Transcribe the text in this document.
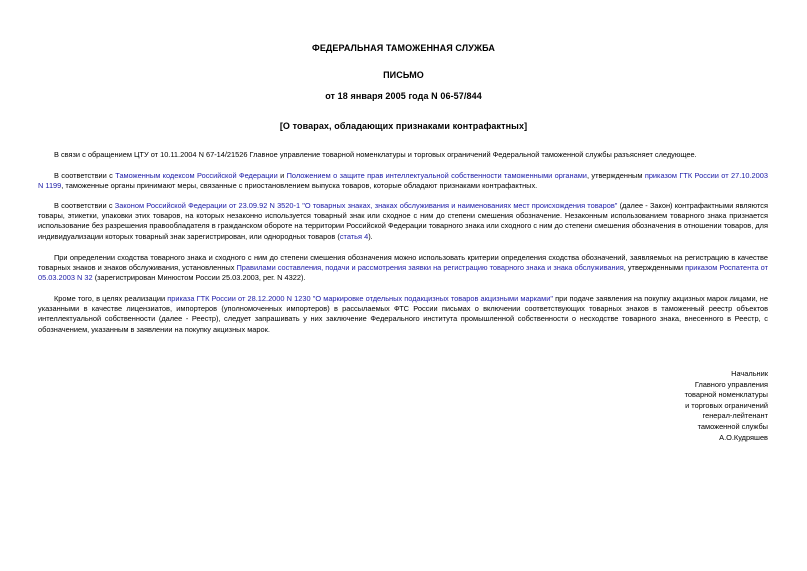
ФЕДЕРАЛЬНАЯ ТАМОЖЕННАЯ СЛУЖБА
ПИСЬМО
от 18 января 2005 года N 06-57/844
[О товарах, обладающих признаками контрафактных]
В связи с обращением ЦТУ от 10.11.2004 N 67-14/21526 Главное управление товарной номенклатуры и торговых ограничений Федеральной таможенной службы разъясняет следующее.
В соответствии с Таможенным кодексом Российской Федерации и Положением о защите прав интеллектуальной собственности таможенными органами, утвержденным приказом ГТК России от 27.10.2003 N 1199, таможенные органы принимают меры, связанные с приостановлением выпуска товаров, которые обладают признаками контрафактных.
В соответствии с Законом Российской Федерации от 23.09.92 N 3520-1 "О товарных знаках, знаках обслуживания и наименованиях мест происхождения товаров" (далее - Закон) контрафактными являются товары, этикетки, упаковки этих товаров, на которых незаконно используется товарный знак или сходное с ним до степени смешения обозначение. Незаконным использованием товарного знака признается использование без разрешения правообладателя в гражданском обороте на территории Российской Федерации товарного знака или сходного с ним до степени смешения обозначения в отношении товаров, для индивидуализации которых товарный знак зарегистрирован, или однородных товаров (статья 4).
При определении сходства товарного знака и сходного с ним до степени смешения обозначения можно использовать критерии определения сходства обозначений, заявляемых на регистрацию в качестве товарных знаков и знаков обслуживания, установленных Правилами составления, подачи и рассмотрения заявки на регистрацию товарного знака и знака обслуживания, утвержденными приказом Роспатента от 05.03.2003 N 32 (зарегистрирован Минюстом России 25.03.2003, рег. N 4322).
Кроме того, в целях реализации приказа ГТК России от 28.12.2000 N 1230 "О маркировке отдельных подакцизных товаров акцизными марками" при подаче заявления на покупку акцизных марок лицами, не указанными в качестве лицензиатов, импортеров (уполномоченных импортеров) в рассылаемых ФТС России письмах о включении соответствующих товарных знаков в таможенный реестр объектов интеллектуальной собственности (далее - Реестр), следует запрашивать у них заключение Федерального института промышленной собственности о несходстве товарного знака, внесенного в Реестр, с обозначением, указанным в заявлении на покупку акцизных марок.
Начальник
Главного управления
товарной номенклатуры
и торговых ограничений
генерал-лейтенант
таможенной службы
А.О.Кудряшев
